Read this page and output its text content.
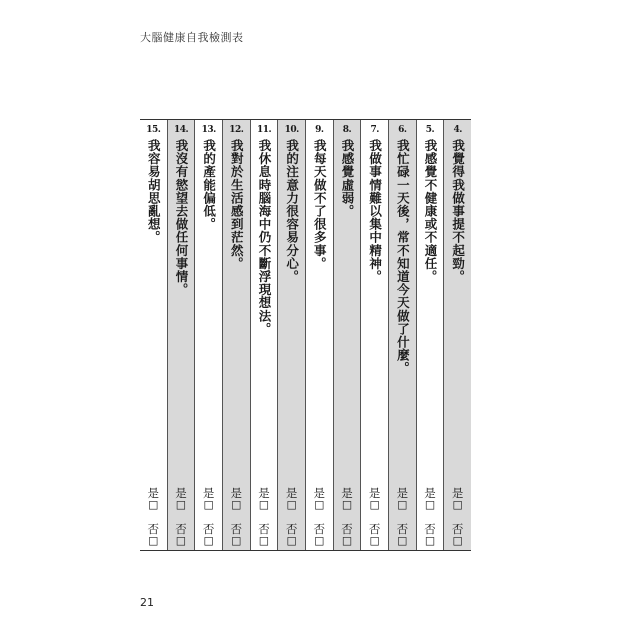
大腦健康自我檢測表
4.
我覺得我做事提不起勁。
是☐
否☐
5.
我感覺不健康或不適任。
是☐
否☐
6.
我忙碌一天後，常不知道今天做了什麼。
是☐
否☐
7.
我做事情難以集中精神。
是☐
否☐
8.
我感覺虛弱。
是☐
否☐
9.
我每天做不了很多事。
是☐
否☐
10.
我的注意力很容易分心。
是☐
否☐
11.
我休息時腦海中仍不斷浮現想法。
是☐
否☐
12.
我對於生活感到茫然。
是☐
否☐
13.
我的產能偏低。
是☐
否☐
14.
我沒有慾望去做任何事情。
是☐
否☐
15.
我容易胡思亂想。
是☐
否☐
21
